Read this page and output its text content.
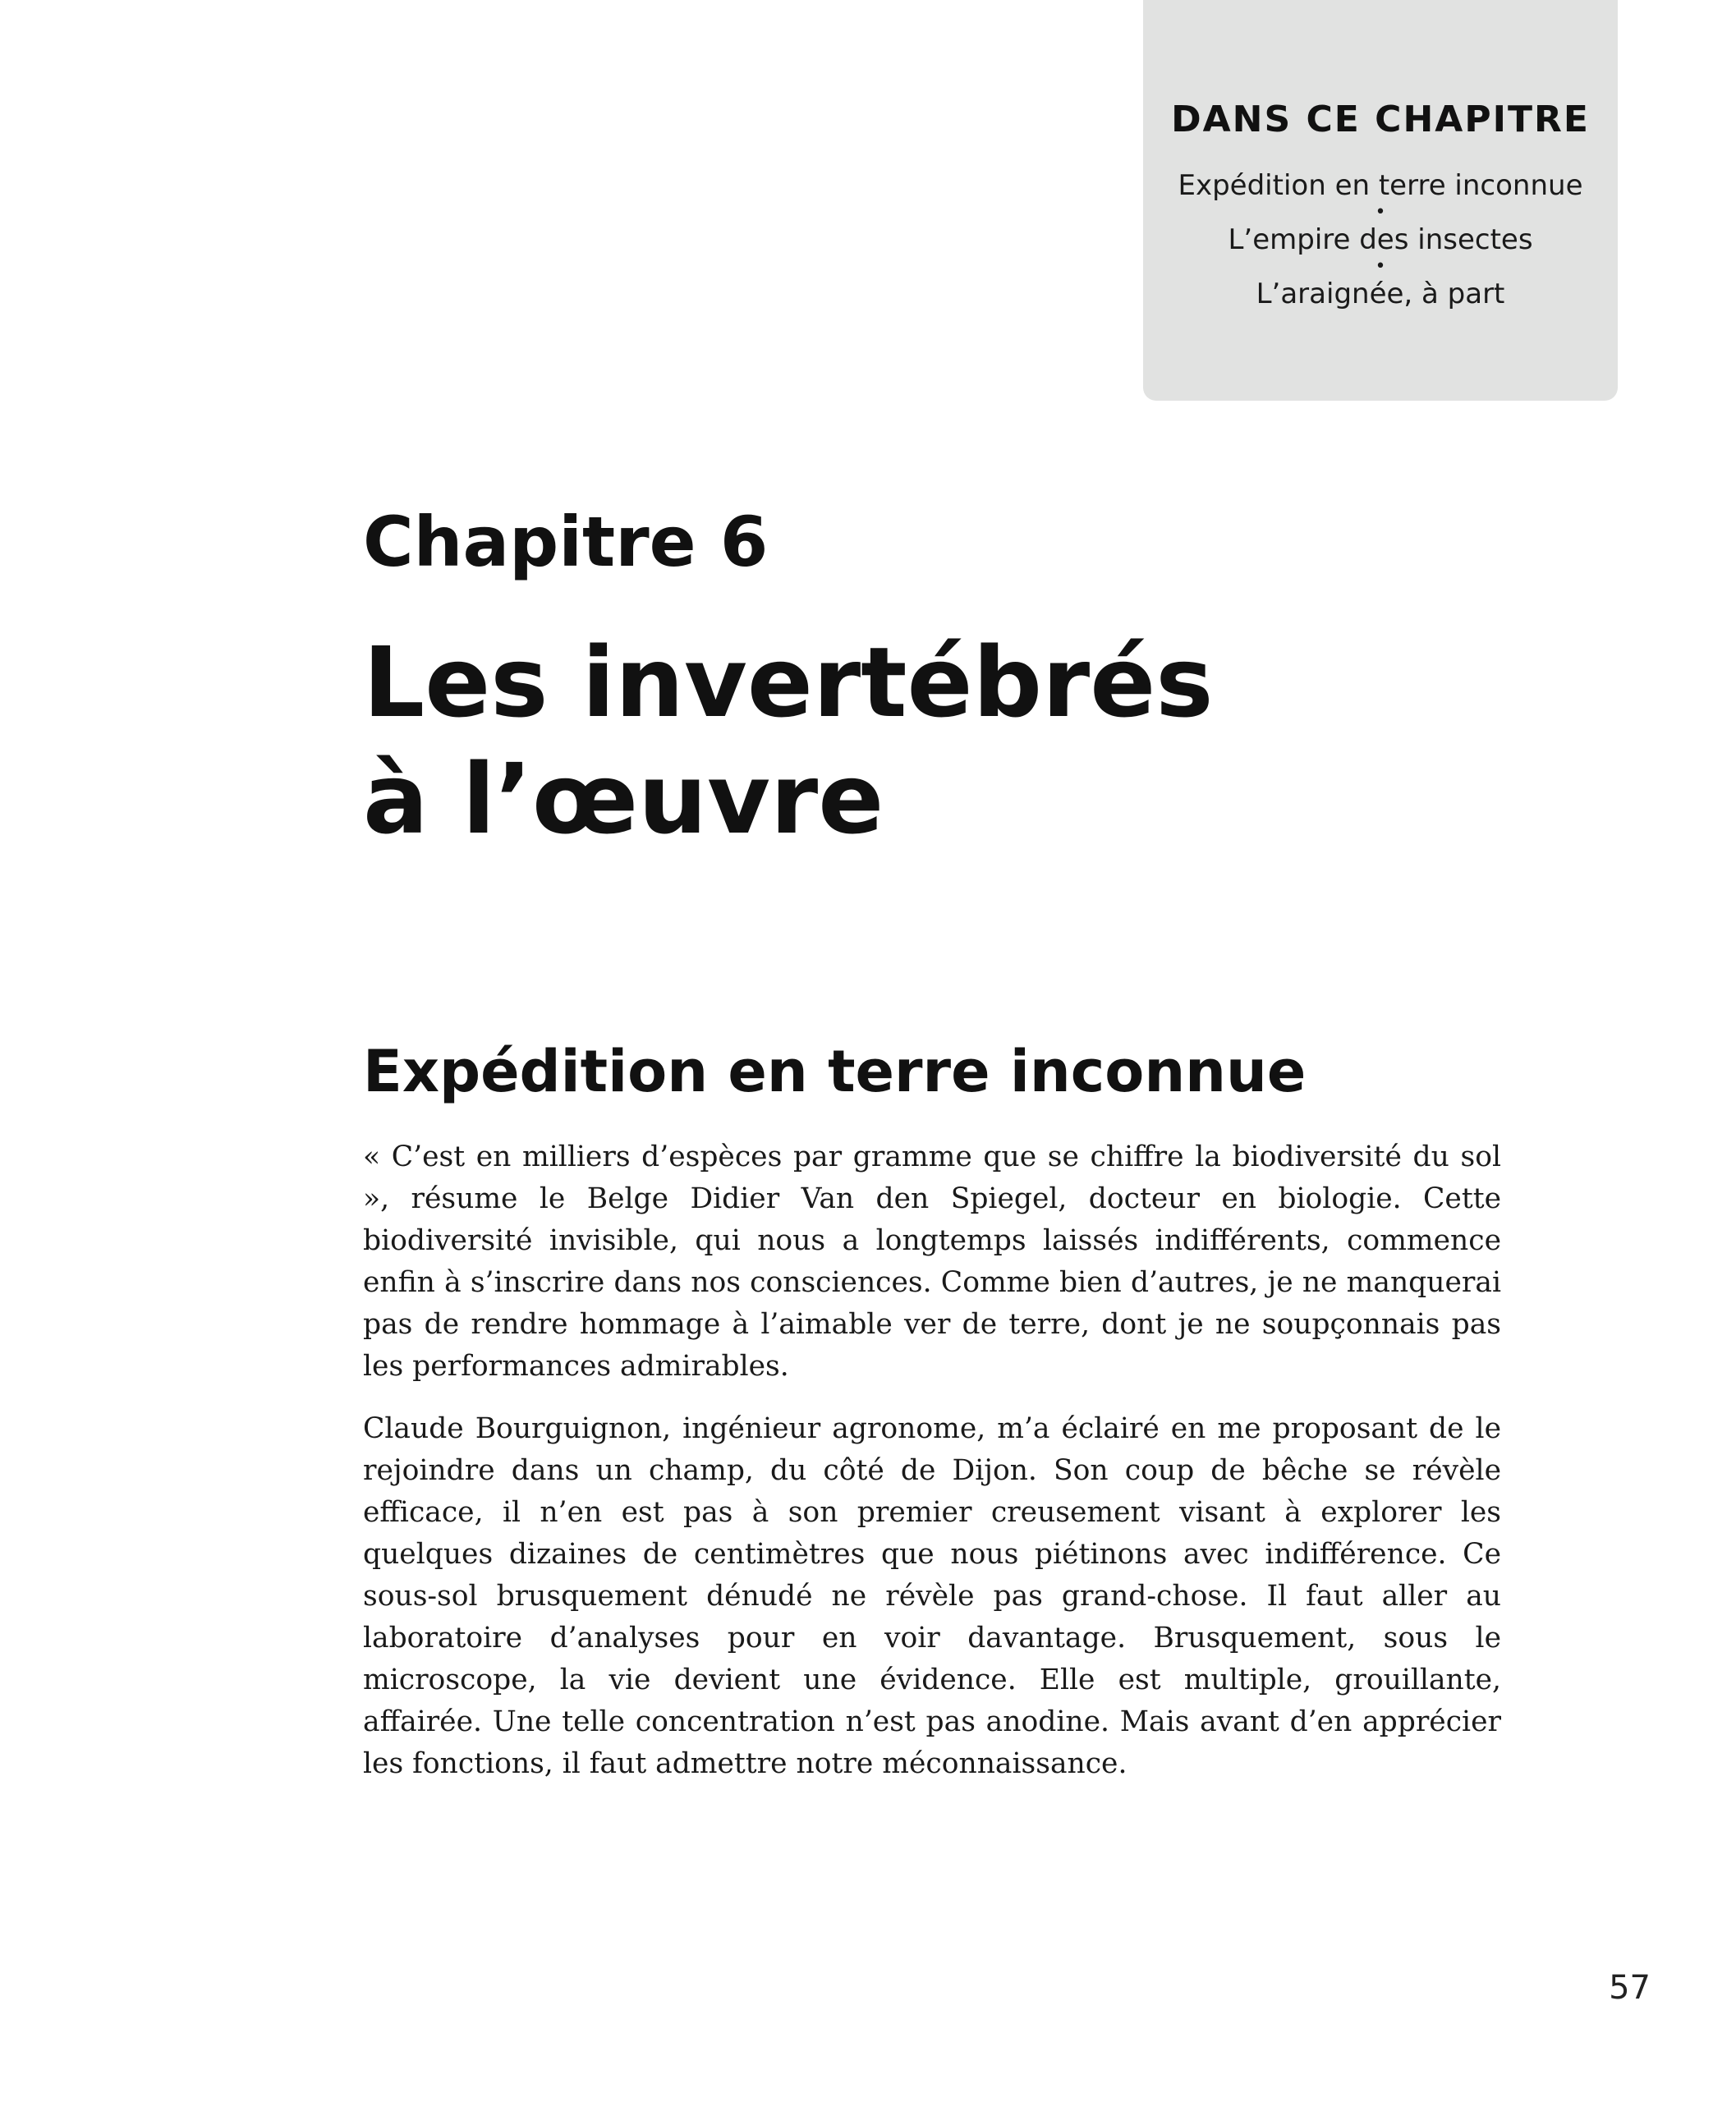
DANS CE CHAPITRE
Expédition en terre inconnue
•
L’empire des insectes
•
L’araignée, à part
Chapitre 6
Les invertébrés
à l’œuvre
Expédition en terre inconnue

« C’est en milliers d’espèces par gramme que se chiffre la biodiversité du sol », résume le Belge Didier Van den Spiegel, docteur en biologie. Cette biodiversité invisible, qui nous a longtemps laissés indifférents, commence enfin à s’inscrire dans nos consciences. Comme bien d’autres, je ne manquerai pas de rendre hommage à l’aimable ver de terre, dont je ne soupçonnais pas les performances admirables.

Claude Bourguignon, ingénieur agronome, m’a éclairé en me proposant de le rejoindre dans un champ, du côté de Dijon. Son coup de bêche se révèle efficace, il n’en est pas à son premier creusement visant à explorer les quelques dizaines de centimètres que nous piétinons avec indifférence. Ce sous-sol brusquement dénudé ne révèle pas grand-chose. Il faut aller au laboratoire d’analyses pour en voir davantage. Brusquement, sous le microscope, la vie devient une évidence. Elle est multiple, grouillante, affairée. Une telle concentration n’est pas anodine. Mais avant d’en apprécier les fonctions, il faut admettre notre méconnaissance.

57
